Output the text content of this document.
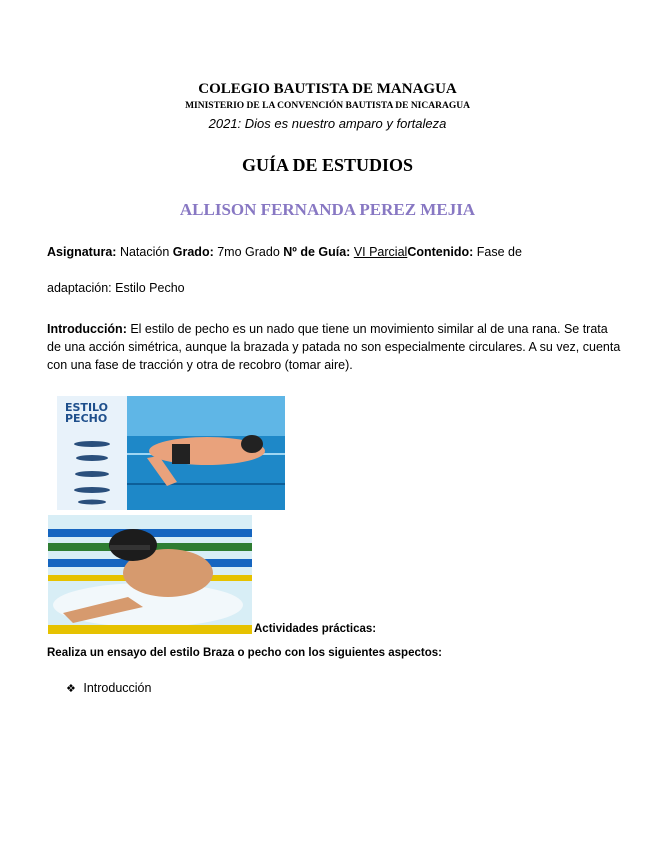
COLEGIO BAUTISTA DE MANAGUA
MINISTERIO DE LA CONVENCIÓN BAUTISTA DE NICARAGUA
2021: Dios es nuestro amparo y fortaleza
GUÍA DE ESTUDIOS
ALLISON FERNANDA PEREZ MEJIA
Asignatura: Natación Grado: 7mo Grado Nº de Guía: VI ParcialContenido: Fase de
adaptación: Estilo Pecho
Introducción: El estilo de pecho es un nado que tiene un movimiento similar al de una rana. Se trata de una acción simétrica, aunque la brazada y patada no son especialmente circulares. A su vez, cuenta con una fase de tracción y otra de recobro (tomar aire).
ESTILO
PECHO
Actividades prácticas:
Realiza un ensayo del estilo Braza o pecho con los siguientes aspectos:
❖ Introducción
